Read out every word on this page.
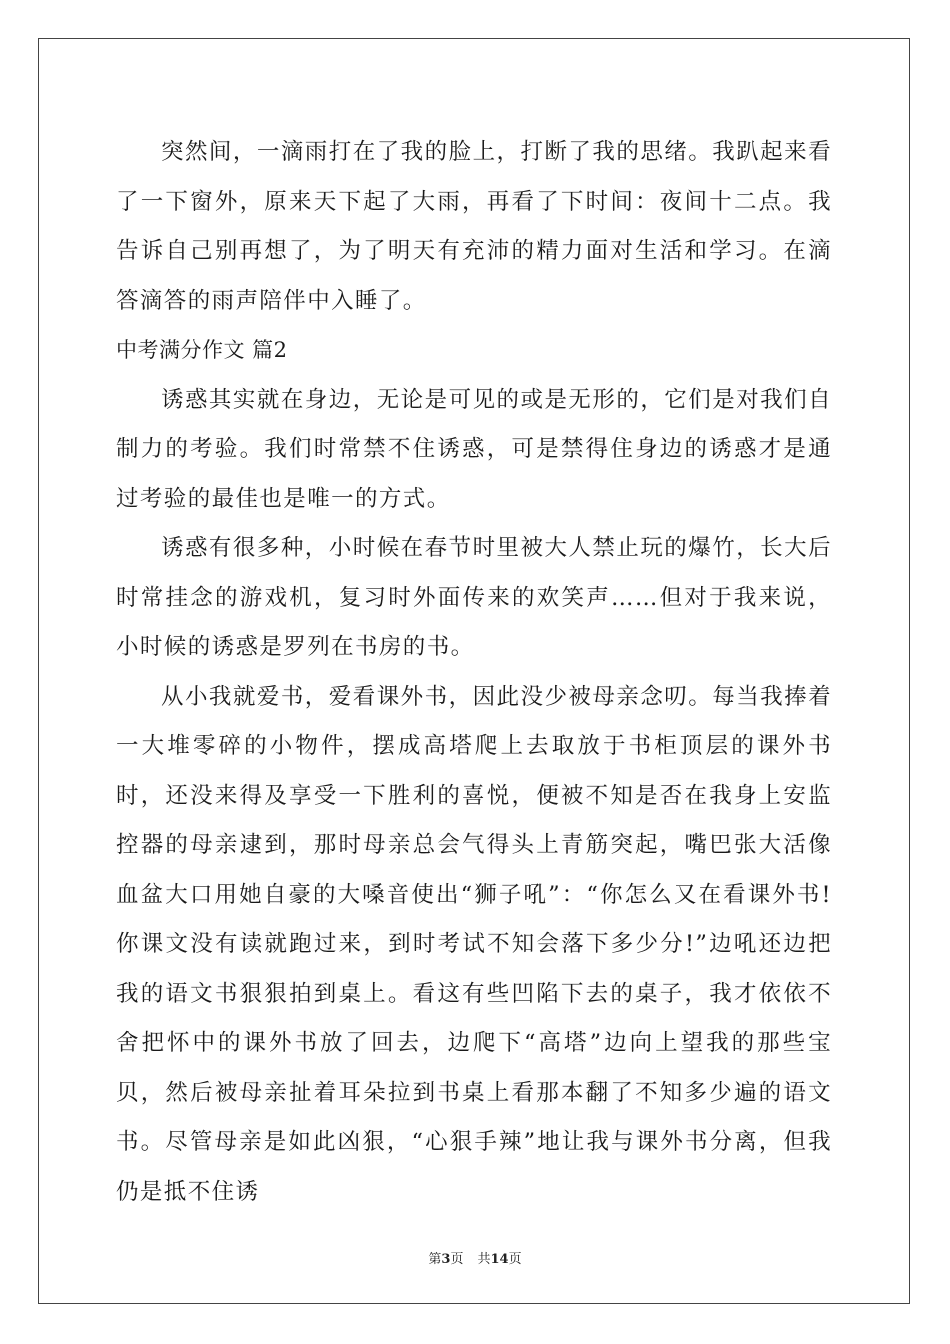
突然间，一滴雨打在了我的脸上，打断了我的思绪。我趴起来看了一下窗外，原来天下起了大雨，再看了下时间：夜间十二点。我告诉自己别再想了，为了明天有充沛的精力面对生活和学习。在滴答滴答的雨声陪伴中入睡了。

中考满分作文 篇2

诱惑其实就在身边，无论是可见的或是无形的，它们是对我们自制力的考验。我们时常禁不住诱惑，可是禁得住身边的诱惑才是通过考验的最佳也是唯一的方式。

诱惑有很多种，小时候在春节时里被大人禁止玩的爆竹，长大后时常挂念的游戏机，复习时外面传来的欢笑声……但对于我来说，小时候的诱惑是罗列在书房的书。

从小我就爱书，爱看课外书，因此没少被母亲念叨。每当我捧着一大堆零碎的小物件，摆成高塔爬上去取放于书柜顶层的课外书时，还没来得及享受一下胜利的喜悦，便被不知是否在我身上安监控器的母亲逮到，那时母亲总会气得头上青筋突起，嘴巴张大活像血盆大口用她自豪的大嗓音使出“狮子吼”：“你怎么又在看课外书!你课文没有读就跑过来，到时考试不知会落下多少分!”边吼还边把我的语文书狠狠拍到桌上。看这有些凹陷下去的桌子，我才依依不舍把怀中的课外书放了回去，边爬下“高塔”边向上望我的那些宝贝，然后被母亲扯着耳朵拉到书桌上看那本翻了不知多少遍的语文书。尽管母亲是如此凶狠，“心狠手辣”地让我与课外书分离，但我仍是抵不住诱

第3页 共14页
